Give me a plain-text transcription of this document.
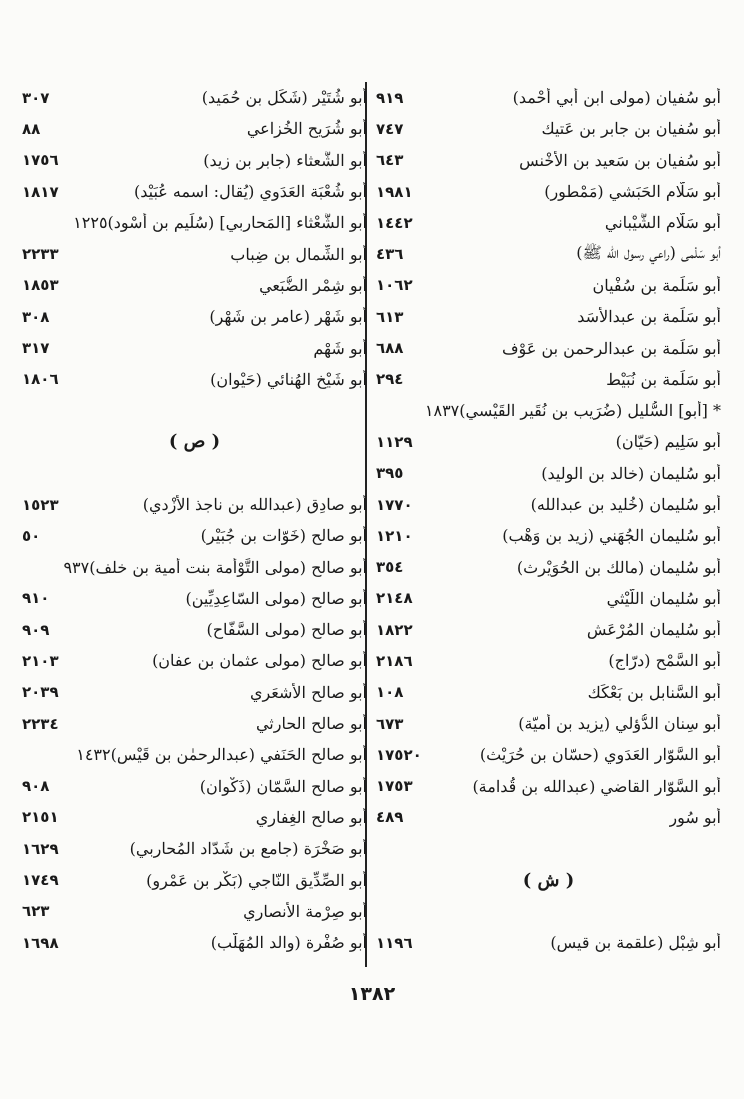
أبو سُفيان (مولى ابن أبي أَحْمد)
٩١٩
أبو سُفيان بن جابر بن عَتيك
٧٤٧
أبو سُفيان بن سَعيد بن الأخْنس
٦٤٣
أبو سَلّام الحَبَشي (مَمْطور)
١٩٨١
أبو سَلّام الشَّيْباني
١٤٤٢
أبو سَلْمى (راعي رسول الله ﷺ)
٤٣٦
أبو سَلَمة بن سُفْيان
١٠٦٢
أبو سَلَمة بن عبدالأَسَد
٦١٣
أبو سَلَمة بن عبدالرحمن بن عَوْف
٦٨٨
أبو سَلَمة بن نُبَيْط
٢٩٤
* [أبو] السُّليل (ضُرَيب بن نُقَير القَيْسي)١٨٣٧
أبو سَلِيم (حَيّان)
١١٢٩
أبو سُليمان (خالد بن الوليد)
٣٩٥
أبو سُليمان (خُليد بن عبدالله)
١٧٧٠
أبو سُليمان الجُهَني (زيد بن وَهْب)
١٢١٠
أبو سُليمان (مالك بن الحُوَيْرث)
٣٥٤
أبو سُليمان اللَّيْثي
٢١٤٨
أبو سُليمان المُرْعَش
١٨٢٢
أبو السَّمْح (درّاج)
٢١٨٦
أبو السَّنابل بن بَعْكَك
١٠٨
أبو سِنان الدُّؤلي (يزيد بن أميّة)
٦٧٣
أبو السَّوّار العَدَوي (حسّان بن حُرَيْث)
١٧٥٢٠
أبو السَّوّار القاضي (عبدالله بن قُدامة)
١٧٥٣
أبو سُور
٤٨٩
( ش )
أبو شِبْل (علقمة بن قيس)
١١٩٦
أبو شُتَيْر (شَكَل بن حُمَيد)
٣٠٧
أبو شُرَيح الخُزاعي
٨٨
أبو الشَّعثاء (جابر بن زيد)
١٧٥٦
أبو شُعْبَة العَدَوي (يُقال: اسمه عُبَيْد)
١٨١٧
أبو الشَّعْثاء [المَحارِبي] (سُلَيم بن أسْود)١٢٢٥
أبو الشِّمال بن ضِباب
٢٢٣٣
أبو شِمْر الضُّبَعي
١٨٥٣
أبو شَهْر (عامر بن شَهْر)
٣٠٨
أبو شَهْم
٣١٧
أبو شَيْخ الهُنائي (حَيْوان)
١٨٠٦
( ص )
أبو صادِق (عبدالله بن ناجذ الأزْدي)
١٥٢٣
أبو صالح (خَوّات بن جُبَيْر)
٥٠
أبو صالح (مولى التَّوْأمة بنت أمية بن خلف)٩٣٧
أبو صالح (مولى السّاعِدِيِّين)
٩١٠
أبو صالح (مولى السَّفّاح)
٩٠٩
أبو صالح (مولى عثمان بن عفان)
٢١٠٣
أبو صالح الأشعَري
٢٠٣٩
أبو صالح الحارِثي
٢٢٣٤
أبو صالح الحَنَفي (عبدالرحمٰن بن قَيْس)١٤٣٢
أبو صالح السَّمّان (ذَكْوان)
٩٠٨
أبو صالح الغِفاري
٢١٥١
أبو صَخْرَة (جامع بن شَدّاد المُحاربي)
١٦٢٩
أبو الصِّدِّيق النّاجي (بَكْر بن عَمْرو)
١٧٤٩
أبو صِرْمة الأنصاري
٦٢٣
أبو صُفْرة (والد المُهَلَّب)
١٦٩٨
١٣٨٢
